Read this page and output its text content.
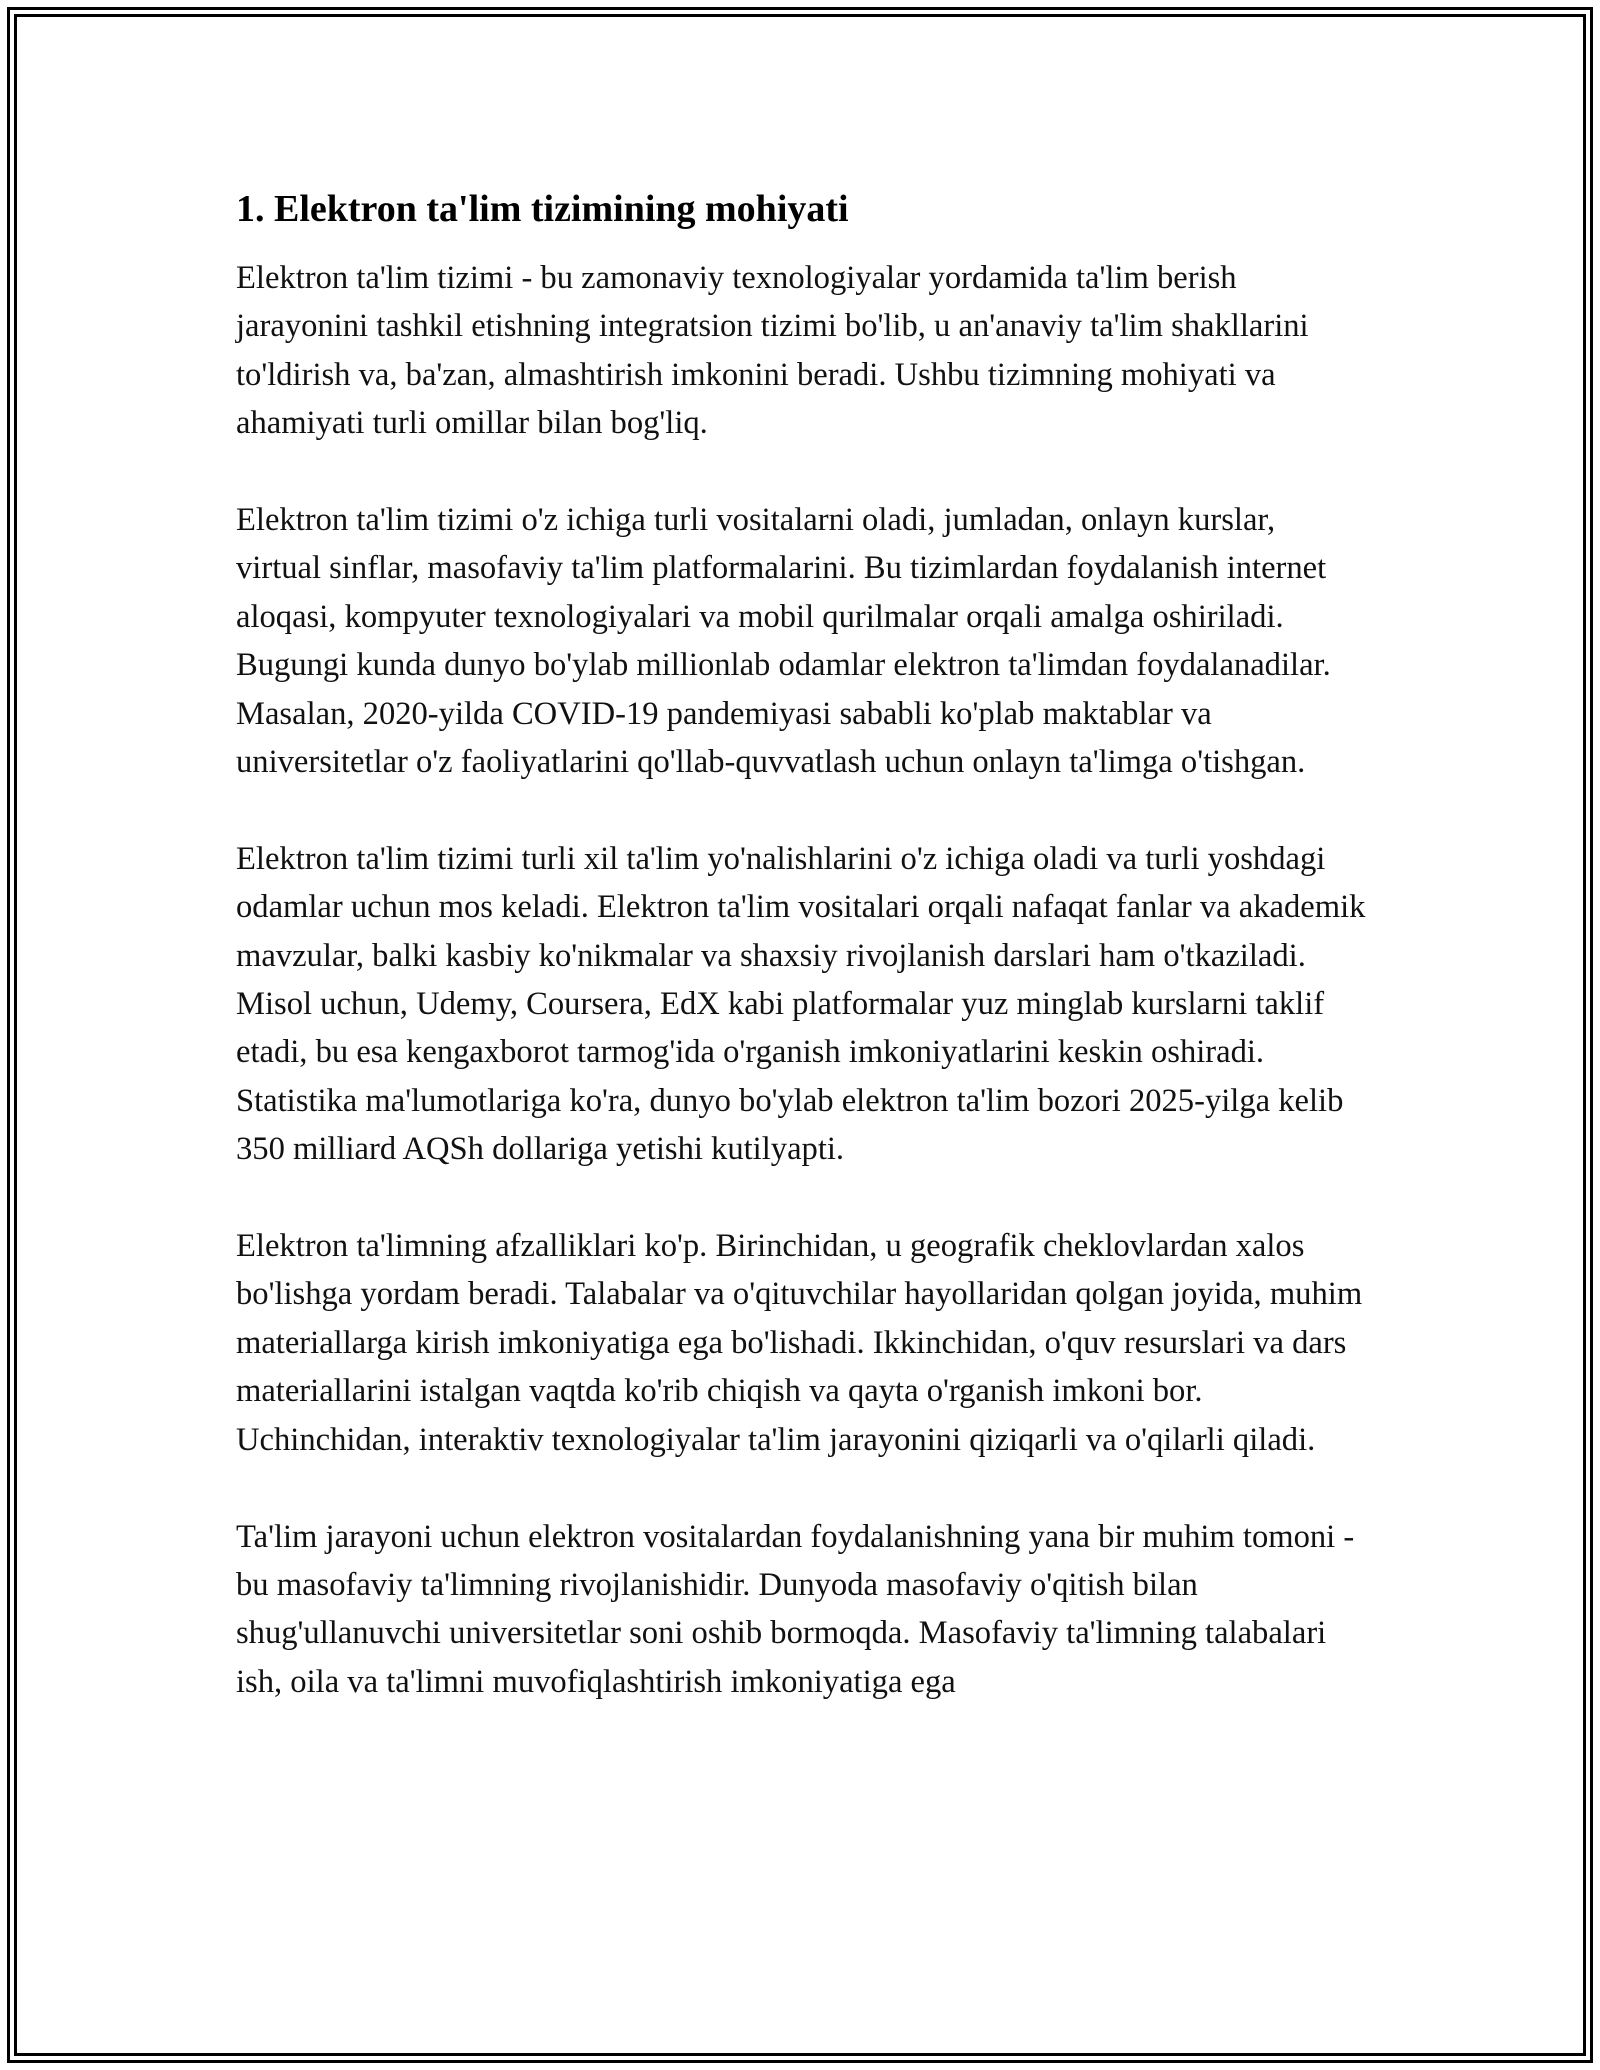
1. Elektron ta'lim tizimining mohiyati

Elektron ta'lim tizimi - bu zamonaviy texnologiyalar yordamida ta'lim berish jarayonini tashkil etishning integratsion tizimi bo'lib, u an'anaviy ta'lim shakllarini to'ldirish va, ba'zan, almashtirish imkonini beradi. Ushbu tizimning mohiyati va ahamiyati turli omillar bilan bog'liq.

Elektron ta'lim tizimi o'z ichiga turli vositalarni oladi, jumladan, onlayn kurslar, virtual sinflar, masofaviy ta'lim platformalarini. Bu tizimlardan foydalanish internet aloqasi, kompyuter texnologiyalari va mobil qurilmalar orqali amalga oshiriladi. Bugungi kunda dunyo bo'ylab millionlab odamlar elektron ta'limdan foydalanadilar. Masalan, 2020-yilda COVID-19 pandemiyasi sababli ko'plab maktablar va universitetlar o'z faoliyatlarini qo'llab-quvvatlash uchun onlayn ta'limga o'tishgan.

Elektron ta'lim tizimi turli xil ta'lim yo'nalishlarini o'z ichiga oladi va turli yoshdagi odamlar uchun mos keladi. Elektron ta'lim vositalari orqali nafaqat fanlar va akademik mavzular, balki kasbiy ko'nikmalar va shaxsiy rivojlanish darslari ham o'tkaziladi. Misol uchun, Udemy, Coursera, EdX kabi platformalar yuz minglab kurslarni taklif etadi, bu esa kengaxborot tarmog'ida o'rganish imkoniyatlarini keskin oshiradi. Statistika ma'lumotlariga ko'ra, dunyo bo'ylab elektron ta'lim bozori 2025-yilga kelib 350 milliard AQSh dollariga yetishi kutilyapti.

Elektron ta'limning afzalliklari ko'p. Birinchidan, u geografik cheklovlardan xalos bo'lishga yordam beradi. Talabalar va o'qituvchilar hayollaridan qolgan joyida, muhim materiallarga kirish imkoniyatiga ega bo'lishadi. Ikkinchidan, o'quv resurslari va dars materiallarini istalgan vaqtda ko'rib chiqish va qayta o'rganish imkoni bor. Uchinchidan, interaktiv texnologiyalar ta'lim jarayonini qiziqarli va o'qilarli qiladi.

Ta'lim jarayoni uchun elektron vositalardan foydalanishning yana bir muhim tomoni - bu masofaviy ta'limning rivojlanishidir. Dunyoda masofaviy o'qitish bilan shug'ullanuvchi universitetlar soni oshib bormoqda. Masofaviy ta'limning talabalari ish, oila va ta'limni muvofiqlashtirish imkoniyatiga ega
